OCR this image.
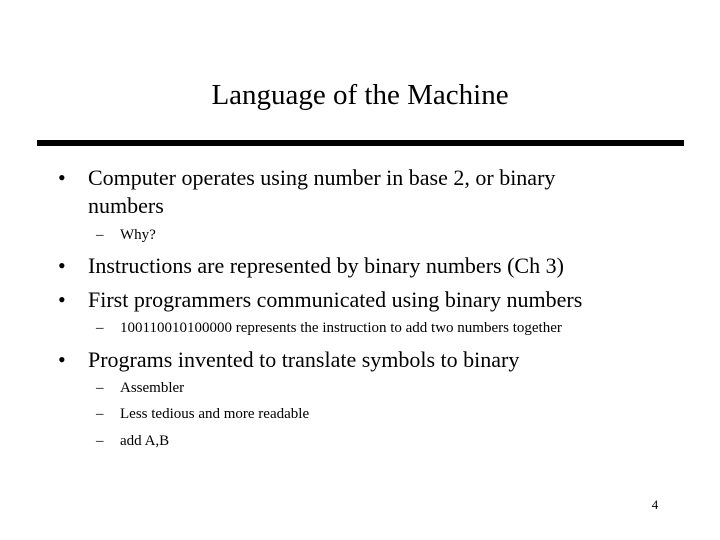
Language of the Machine
• Computer operates using number in base 2, or binary numbers
– Why?
• Instructions are represented by binary numbers (Ch 3)
• First programmers communicated using binary numbers
– 100110010100000 represents the instruction to add two numbers together
• Programs invented to translate symbols to binary
– Assembler
– Less tedious and more readable
– add A,B
4
